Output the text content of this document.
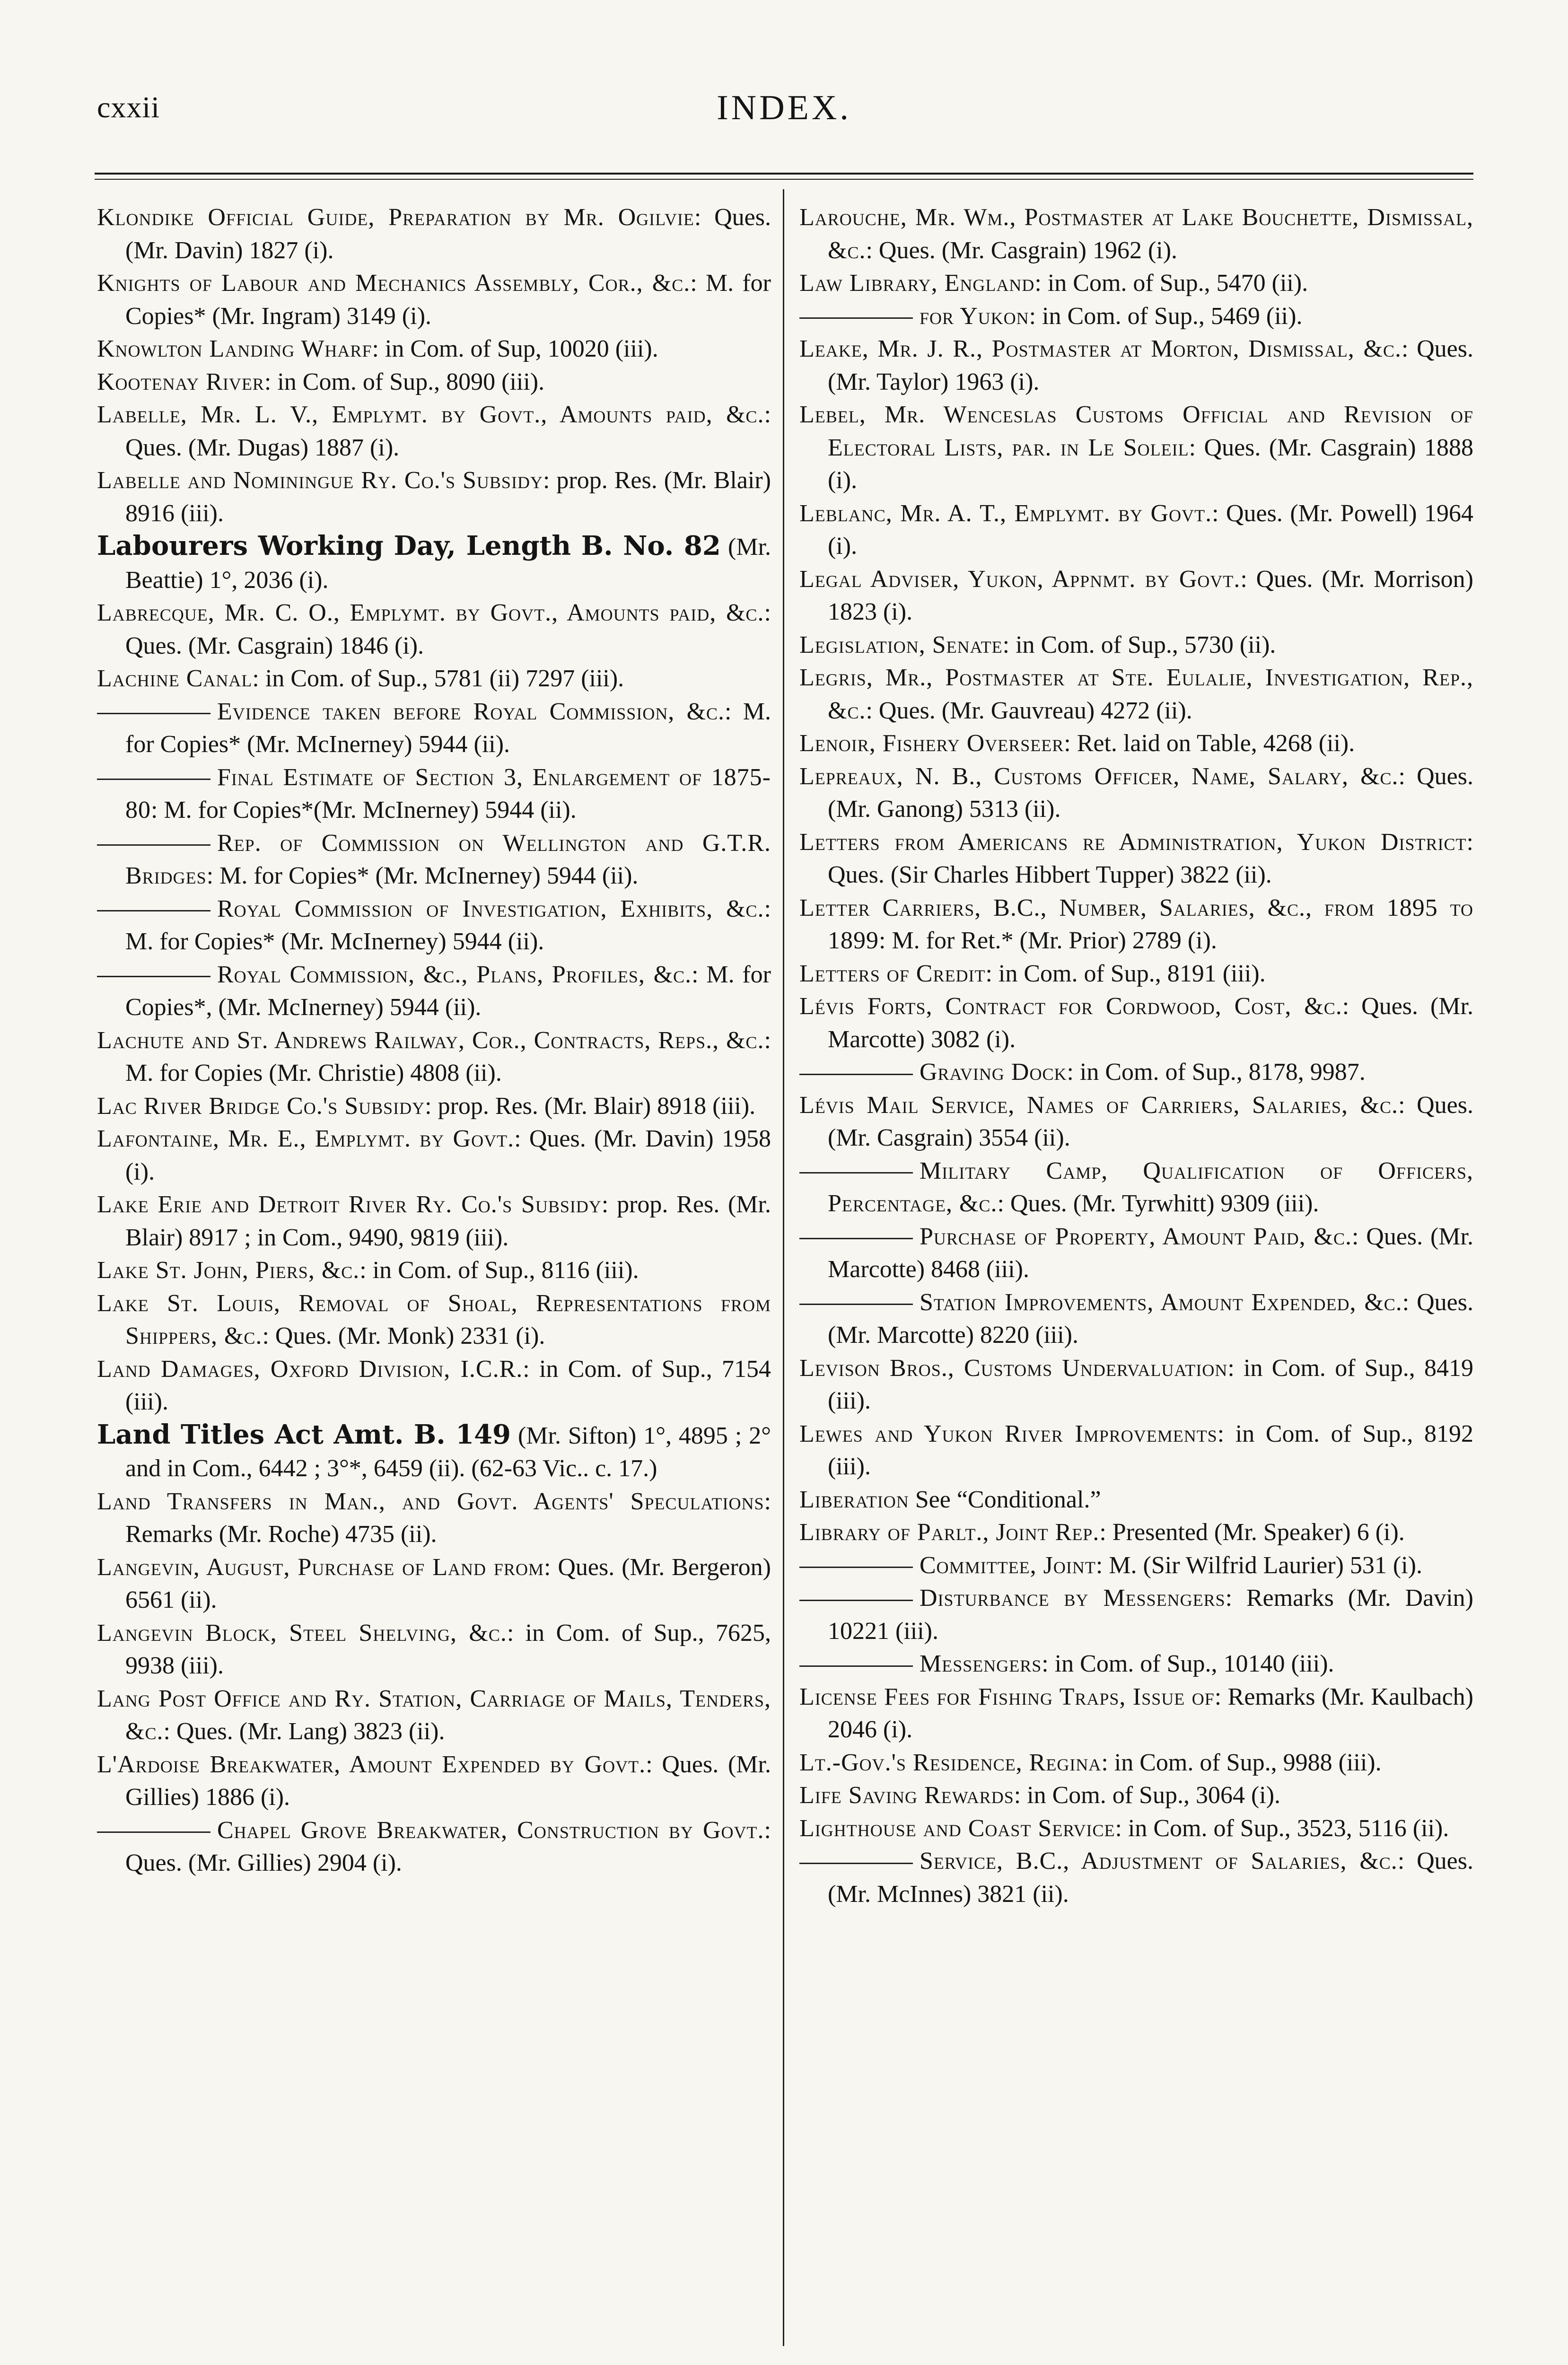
cxxii	INDEX.
Klondike Official Guide, Preparation by Mr. Ogilvie: Ques. (Mr. Davin) 1827 (i).
Knights of Labour and Mechanics Assembly, Cor., &c.: M. for Copies* (Mr. Ingram) 3149 (i).
Knowlton Landing Wharf: in Com. of Sup, 10020 (iii).
Kootenay River: in Com. of Sup., 8090 (iii).
Labelle, Mr. L. V., Emplymt. by Govt., Amounts paid, &c.: Ques. (Mr. Dugas) 1887 (i).
Labelle and Nominingue Ry. Co.'s Subsidy: prop. Res. (Mr. Blair) 8916 (iii).
Labourers Working Day, Length B. No. 82 (Mr. Beattie) 1°, 2036 (i).
Labrecque, Mr. C. O., Emplymt. by Govt., Amounts paid, &c.: Ques. (Mr. Casgrain) 1846 (i).
Lachine Canal: in Com. of Sup., 5781 (ii) 7297 (iii).
Evidence taken before Royal Commission, &c.: M. for Copies* (Mr. McInerney) 5944 (ii).
Final Estimate of Section 3, Enlargement of 1875-80: M. for Copies*(Mr. McInerney) 5944 (ii).
Rep. of Commission on Wellington and G.T.R. Bridges: M. for Copies* (Mr. McInerney) 5944 (ii).
Royal Commission of Investigation, Exhibits, &c.: M. for Copies* (Mr. McInerney) 5944 (ii).
Royal Commission, &c., Plans, Profiles, &c.: M. for Copies*, (Mr. McInerney) 5944 (ii).
Lachute and St. Andrews Railway, Cor., Contracts, Reps., &c.: M. for Copies (Mr. Christie) 4808 (ii).
Lac River Bridge Co.'s Subsidy: prop. Res. (Mr. Blair) 8918 (iii).
Lafontaine, Mr. E., Emplymt. by Govt.: Ques. (Mr. Davin) 1958 (i).
Lake Erie and Detroit River Ry. Co.'s Subsidy: prop. Res. (Mr. Blair) 8917 ; in Com., 9490, 9819 (iii).
Lake St. John, Piers, &c.: in Com. of Sup., 8116 (iii).
Lake St. Louis, Removal of Shoal, Representations from Shippers, &c.: Ques. (Mr. Monk) 2331 (i).
Land Damages, Oxford Division, I.C.R.: in Com. of Sup., 7154 (iii).
Land Titles Act Amt. B. 149 (Mr. Sifton) 1°, 4895 ; 2° and in Com., 6442 ; 3°*, 6459 (ii). (62-63 Vic.. c. 17.)
Land Transfers in Man., and Govt. Agents' Speculations: Remarks (Mr. Roche) 4735 (ii).
Langevin, August, Purchase of Land from: Ques. (Mr. Bergeron) 6561 (ii).
Langevin Block, Steel Shelving, &c.: in Com. of Sup., 7625, 9938 (iii).
Lang Post Office and Ry. Station, Carriage of Mails, Tenders, &c.: Ques. (Mr. Lang) 3823 (ii).
L'Ardoise Breakwater, Amount Expended by Govt.: Ques. (Mr. Gillies) 1886 (i).
Chapel Grove Breakwater, Construction by Govt.: Ques. (Mr. Gillies) 2904 (i).
Larouche, Mr. Wm., Postmaster at Lake Bouchette, Dismissal, &c.: Ques. (Mr. Casgrain) 1962 (i).
Law Library, England: in Com. of Sup., 5470 (ii).
for Yukon: in Com. of Sup., 5469 (ii).
Leake, Mr. J. R., Postmaster at Morton, Dismissal, &c.: Ques. (Mr. Taylor) 1963 (i).
Lebel, Mr. Wenceslas Customs Official and Revision of Electoral Lists, par. in Le Soleil: Ques. (Mr. Casgrain) 1888 (i).
Leblanc, Mr. A. T., Emplymt. by Govt.: Ques. (Mr. Powell) 1964 (i).
Legal Adviser, Yukon, Appnmt. by Govt.: Ques. (Mr. Morrison) 1823 (i).
Legislation, Senate: in Com. of Sup., 5730 (ii).
Legris, Mr., Postmaster at Ste. Eulalie, Investigation, Rep., &c.: Ques. (Mr. Gauvreau) 4272 (ii).
Lenoir, Fishery Overseer: Ret. laid on Table, 4268 (ii).
Lepreaux, N. B., Customs Officer, Name, Salary, &c.: Ques. (Mr. Ganong) 5313 (ii).
Letters from Americans re Administration, Yukon District: Ques. (Sir Charles Hibbert Tupper) 3822 (ii).
Letter Carriers, B.C., Number, Salaries, &c., from 1895 to 1899: M. for Ret.* (Mr. Prior) 2789 (i).
Letters of Credit: in Com. of Sup., 8191 (iii).
Lévis Forts, Contract for Cordwood, Cost, &c.: Ques. (Mr. Marcotte) 3082 (i).
Graving Dock: in Com. of Sup., 8178, 9987.
Lévis Mail Service, Names of Carriers, Salaries, &c.: Ques. (Mr. Casgrain) 3554 (ii).
Military Camp, Qualification of Officers, Percentage, &c.: Ques. (Mr. Tyrwhitt) 9309 (iii).
Purchase of Property, Amount Paid, &c.: Ques. (Mr. Marcotte) 8468 (iii).
Station Improvements, Amount Expended, &c.: Ques. (Mr. Marcotte) 8220 (iii).
Levison Bros., Customs Undervaluation: in Com. of Sup., 8419 (iii).
Lewes and Yukon River Improvements: in Com. of Sup., 8192 (iii).
Liberation See “Conditional.”
Library of Parlt., Joint Rep.: Presented (Mr. Speaker) 6 (i).
Committee, Joint: M. (Sir Wilfrid Laurier) 531 (i).
Disturbance by Messengers: Remarks (Mr. Davin) 10221 (iii).
Messengers: in Com. of Sup., 10140 (iii).
License Fees for Fishing Traps, Issue of: Remarks (Mr. Kaulbach) 2046 (i).
Lt.-Gov.'s Residence, Regina: in Com. of Sup., 9988 (iii).
Life Saving Rewards: in Com. of Sup., 3064 (i).
Lighthouse and Coast Service: in Com. of Sup., 3523, 5116 (ii).
Service, B.C., Adjustment of Salaries, &c.: Ques. (Mr. McInnes) 3821 (ii).
